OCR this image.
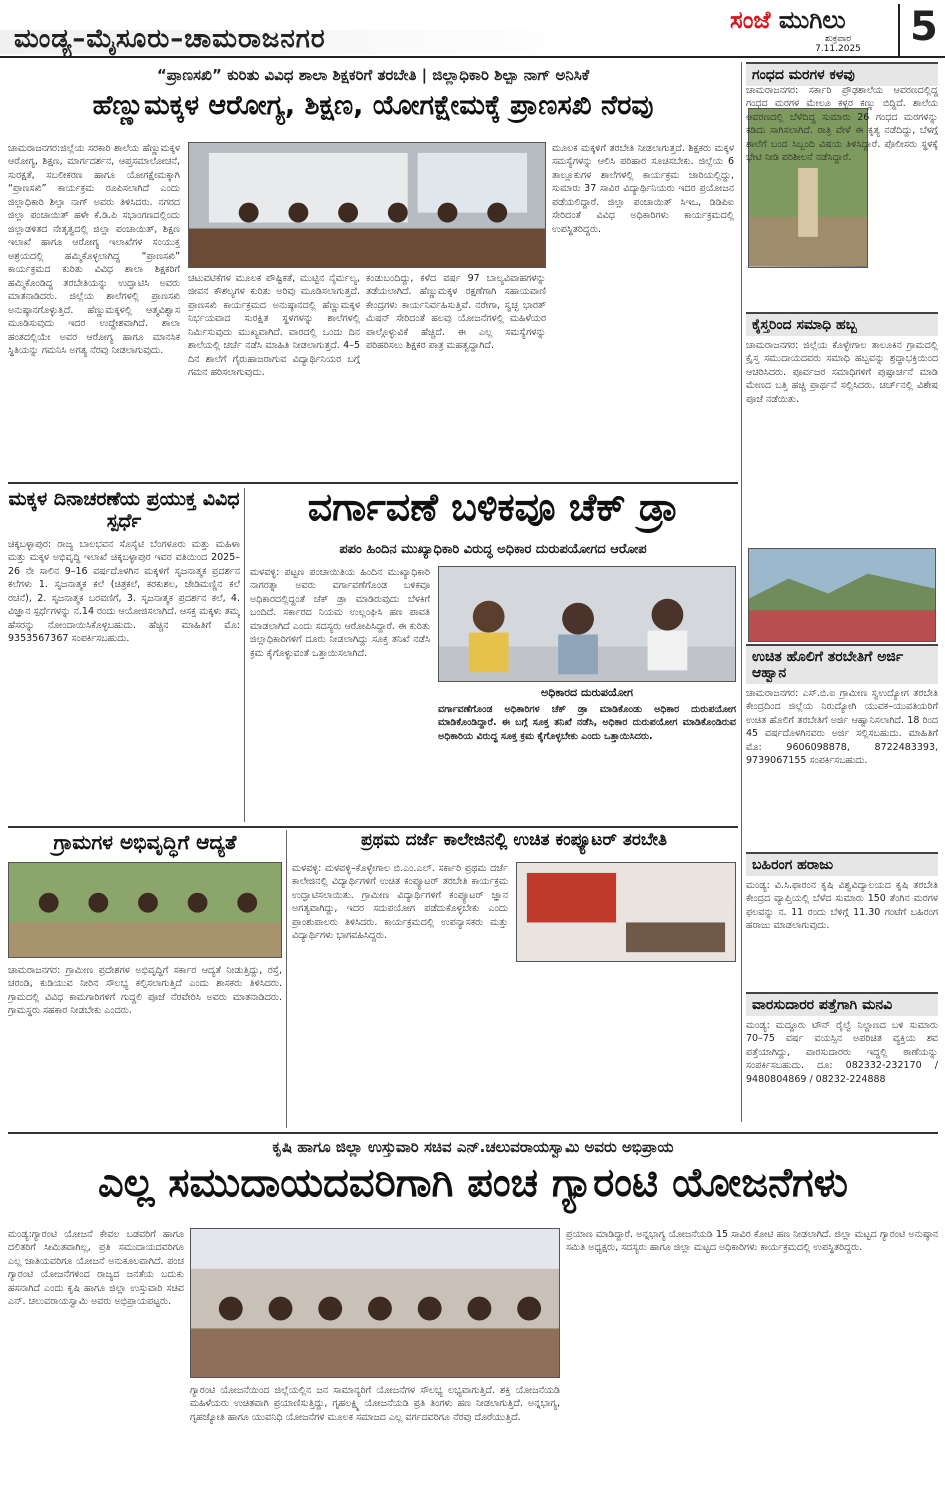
ಮಂಡ್ಯ–ಮೈಸೂರು–ಚಾಮರಾಜನಗರ
ಸಂಜೆ ಮುಗಿಲು
ಶುಕ್ರವಾರ
7.11.2025	5
“ಪ್ರಾಣಸಖಿ” ಕುರಿತು ವಿವಿಧ ಶಾಲಾ ಶಿಕ್ಷಕರಿಗೆ ತರಬೇತಿ | ಜಿಲ್ಲಾಧಿಕಾರಿ ಶಿಲ್ಪಾ ನಾಗ್ ಅನಿಸಿಕೆ
ಹೆಣ್ಣುಮಕ್ಕಳ ಆರೋಗ್ಯ, ಶಿಕ್ಷಣ, ಯೋಗಕ್ಷೇಮಕ್ಕೆ ಪ್ರಾಣಸಖಿ ನೆರವು
ಚಾಮರಾಜನಗರ:ಜಿಲ್ಲೆಯ ಸರಕಾರಿ ಶಾಲೆಯ ಹೆಣ್ಣುಮಕ್ಕಳ ಆರೋಗ್ಯ, ಶಿಕ್ಷಣ, ಮಾರ್ಗದರ್ಶನ, ಆಪ್ತಸಮಾಲೋಚನೆ, ಸುರಕ್ಷತೆ, ಸಬಲೀಕರಣ ಹಾಗೂ ಯೋಗಕ್ಷೇಮಕ್ಕಾಗಿ “ಪ್ರಾಣಸಖಿ” ಕಾರ್ಯಕ್ರಮ ರೂಪಿಸಲಾಗಿದೆ ಎಂದು ಜಿಲ್ಲಾಧಿಕಾರಿ ಶಿಲ್ಪಾ ನಾಗ್ ಅವರು ತಿಳಿಸಿದರು. ನಗರದ ಜಿಲ್ಲಾ ಪಂಚಾಯಿತ್ ಹಳೇ ಕೆ.ಡಿ.ಪಿ ಸಭಾಂಗಣದಲ್ಲಿಂದು ಜಿಲ್ಲಾಡಳಿತದ ನೇತೃತ್ವದಲ್ಲಿ ಜಿಲ್ಲಾ ಪಂಚಾಯಿತ್, ಶಿಕ್ಷಣ ಇಲಾಖೆ ಹಾಗೂ ಆರೋಗ್ಯ ಇಲಾಖೆಗಳ ಸಂಯುಕ್ತ ಆಶ್ರಯದಲ್ಲಿ ಹಮ್ಮಿಕೊಳ್ಳಲಾಗಿದ್ದ “ಪ್ರಾಣಸಖಿ” ಕಾರ್ಯಕ್ರಮದ ಕುರಿತು ವಿವಿಧ ಶಾಲಾ ಶಿಕ್ಷಕರಿಗೆ ಹಮ್ಮಿಕೊಂಡಿದ್ದ ತರಬೇತಿಯನ್ನು ಉದ್ಘಾಟಿಸಿ ಅವರು ಮಾತನಾಡಿದರು. ಜಿಲ್ಲೆಯ ಶಾಲೆಗಳಲ್ಲಿ ಪ್ರಾಣಸಖಿ ಅನುಷ್ಠಾನಗೊಳ್ಳುತ್ತಿದೆ. ಹೆಣ್ಣುಮಕ್ಕಳಲ್ಲಿ ಆತ್ಮವಿಶ್ವಾಸ ಮೂಡಿಸುವುದು ಇದರ ಉದ್ದೇಶವಾಗಿದೆ. ಶಾಲಾ ಹಂತದಲ್ಲಿಯೇ ಅವರ ಆರೋಗ್ಯ ಹಾಗೂ ಮಾನಸಿಕ ಸ್ಥಿತಿಯನ್ನು ಗಮನಿಸಿ ಅಗತ್ಯ ನೆರವು ನೀಡಲಾಗುವುದು.
ಚಟುವಟಿಕೆಗಳ ಮೂಲಕ ಪೌಷ್ಟಿಕತೆ, ಮುಟ್ಟಿನ ನೈರ್ಮಲ್ಯ, ಜೀವನ ಕೌಶಲ್ಯಗಳ ಕುರಿತು ಅರಿವು ಮೂಡಿಸಲಾಗುತ್ತದೆ. ಪ್ರಾಣಸಖಿ ಕಾರ್ಯಕ್ರಮದ ಅನುಷ್ಠಾನದಲ್ಲಿ ಹೆಣ್ಣುಮಕ್ಕಳ ನಿರ್ಭಯವಾದ ಸುರಕ್ಷಿತ ಸ್ಥಳಗಳನ್ನು ಶಾಲೆಗಳಲ್ಲಿ ನಿರ್ಮಿಸುವುದು ಮುಖ್ಯವಾಗಿದೆ. ವಾರದಲ್ಲಿ ಒಂದು ದಿನ ಶಾಲೆಯಲ್ಲಿ ಚರ್ಚೆ ನಡೆಸಿ ಮಾಹಿತಿ ನೀಡಲಾಗುತ್ತದೆ. 4–5 ದಿನ ಶಾಲೆಗೆ ಗೈರುಹಾಜರಾಗುವ ವಿದ್ಯಾರ್ಥಿನಿಯರ ಬಗ್ಗೆ ಗಮನ ಹರಿಸಲಾಗುವುದು.
ಕಂಡುಬಂದಿದ್ದು, ಕಳೆದ ವರ್ಷ 97 ಬಾಲ್ಯವಿವಾಹಗಳನ್ನು ತಡೆಯಲಾಗಿದೆ. ಹೆಣ್ಣುಮಕ್ಕಳ ರಕ್ಷಣೆಗಾಗಿ ಸಹಾಯವಾಣಿ ಕೇಂದ್ರಗಳು ಕಾರ್ಯನಿರ್ವಹಿಸುತ್ತಿವೆ. ನರೇಗಾ, ಸ್ವಚ್ಛ ಭಾರತ್ ಮಿಷನ್ ಸೇರಿದಂತೆ ಹಲವು ಯೋಜನೆಗಳಲ್ಲಿ ಮಹಿಳೆಯರ ಪಾಲ್ಗೊಳ್ಳುವಿಕೆ ಹೆಚ್ಚಿದೆ. ಈ ಎಲ್ಲ ಸಮಸ್ಯೆಗಳನ್ನು ಪರಿಹರಿಸಲು ಶಿಕ್ಷಕರ ಪಾತ್ರ ಮಹತ್ವದ್ದಾಗಿದೆ.
ಮೂಲಕ ಮಕ್ಕಳಿಗೆ ತರಬೇತಿ ನೀಡಲಾಗುತ್ತದೆ. ಶಿಕ್ಷಕರು ಮಕ್ಕಳ ಸಮಸ್ಯೆಗಳನ್ನು ಆಲಿಸಿ ಪರಿಹಾರ ಸೂಚಿಸಬೇಕು. ಜಿಲ್ಲೆಯ 6 ತಾಲ್ಲೂಕುಗಳ ಶಾಲೆಗಳಲ್ಲಿ ಕಾರ್ಯಕ್ರಮ ಜಾರಿಯಲ್ಲಿದ್ದು, ಸುಮಾರು 37 ಸಾವಿರ ವಿದ್ಯಾರ್ಥಿನಿಯರು ಇದರ ಪ್ರಯೋಜನ ಪಡೆಯಲಿದ್ದಾರೆ. ಜಿಲ್ಲಾ ಪಂಚಾಯಿತ್ ಸಿಇಒ, ಡಿಡಿಪಿಐ ಸೇರಿದಂತೆ ವಿವಿಧ ಅಧಿಕಾರಿಗಳು ಕಾರ್ಯಕ್ರಮದಲ್ಲಿ ಉಪಸ್ಥಿತರಿದ್ದರು.
ಗಂಧದ ಮರಗಳ ಕಳವು
ಚಾಮರಾಜನಗರ: ಸರ್ಕಾರಿ ಪ್ರೌಢಶಾಲೆಯ ಆವರಣದಲ್ಲಿದ್ದ ಗಂಧದ ಮರಗಳ ಮೇಲೂ ಕಳ್ಳರ ಕಣ್ಣು ಬಿದ್ದಿದೆ. ಶಾಲೆಯ ಆವರಣದಲ್ಲಿ ಬೆಳೆದಿದ್ದ ಸುಮಾರು 26 ಗಂಧದ ಮರಗಳನ್ನು ಕಡಿದು ಸಾಗಿಸಲಾಗಿದೆ. ರಾತ್ರಿ ವೇಳೆ ಈ ಕೃತ್ಯ ನಡೆದಿದ್ದು, ಬೆಳಗ್ಗೆ ಶಾಲೆಗೆ ಬಂದ ಸಿಬ್ಬಂದಿ ವಿಷಯ ತಿಳಿಸಿದ್ದಾರೆ. ಪೊಲೀಸರು ಸ್ಥಳಕ್ಕೆ ಭೇಟಿ ನೀಡಿ ಪರಿಶೀಲನೆ ನಡೆಸಿದ್ದಾರೆ.
ಕೈಸ್ತರಿಂದ ಸಮಾಧಿ ಹಬ್ಬ
ಚಾಮರಾಜನಗರ: ಜಿಲ್ಲೆಯ ಕೊಳ್ಳೇಗಾಲ ತಾಲೂಕಿನ ಗ್ರಾಮದಲ್ಲಿ ಕ್ರೈಸ್ತ ಸಮುದಾಯದವರು ಸಮಾಧಿ ಹಬ್ಬವನ್ನು ಶ್ರದ್ಧಾಭಕ್ತಿಯಿಂದ ಆಚರಿಸಿದರು. ಪೂರ್ವಜರ ಸಮಾಧಿಗಳಿಗೆ ಪುಷ್ಪಾರ್ಚನೆ ಮಾಡಿ ಮೇಣದ ಬತ್ತಿ ಹಚ್ಚಿ ಪ್ರಾರ್ಥನೆ ಸಲ್ಲಿಸಿದರು. ಚರ್ಚ್‌ನಲ್ಲಿ ವಿಶೇಷ ಪೂಜೆ ನಡೆಯಿತು.
ಉಚಿತ ಹೊಲಿಗೆ ತರಬೇತಿಗೆ ಅರ್ಜಿ ಆಹ್ವಾನ
ಚಾಮರಾಜನಗರ: ಎಸ್.ಬಿ.ಐ ಗ್ರಾಮೀಣ ಸ್ವಉದ್ಯೋಗ ತರಬೇತಿ ಕೇಂದ್ರದಿಂದ ಜಿಲ್ಲೆಯ ನಿರುದ್ಯೋಗಿ ಯುವಕ–ಯುವತಿಯರಿಗೆ ಉಚಿತ ಹೊಲಿಗೆ ತರಬೇತಿಗೆ ಅರ್ಜಿ ಆಹ್ವಾನಿಸಲಾಗಿದೆ. 18 ರಿಂದ 45 ವರ್ಷದೊಳಗಿನವರು ಅರ್ಜಿ ಸಲ್ಲಿಸಬಹುದು. ಮಾಹಿತಿಗೆ ಮೊ: 9606098878, 8722483393, 9739067155 ಸಂಪರ್ಕಿಸಬಹುದು.
ಬಹಿರಂಗ ಹರಾಜು
ಮಂಡ್ಯ: ವಿ.ಸಿ.ಫಾರಂನ ಕೃಷಿ ವಿಶ್ವವಿದ್ಯಾಲಯದ ಕೃಷಿ ತರಬೇತಿ ಕೇಂದ್ರದ ವ್ಯಾಪ್ತಿಯಲ್ಲಿ ಬೆಳೆದ ಸುಮಾರು 150 ತೆಂಗಿನ ಮರಗಳ ಫಲವನ್ನು ನ. 11 ರಂದು ಬೆಳಿಗ್ಗೆ 11.30 ಗಂಟೆಗೆ ಬಹಿರಂಗ ಹರಾಜು ಮಾಡಲಾಗುವುದು.
ವಾರಸುದಾರರ ಪತ್ತೆಗಾಗಿ ಮನವಿ
ಮಂಡ್ಯ: ಮದ್ದೂರು ಟೌನ್ ರೈಲ್ವೆ ನಿಲ್ದಾಣದ ಬಳಿ ಸುಮಾರು 70–75 ವರ್ಷ ವಯಸ್ಸಿನ ಅಪರಿಚಿತ ವ್ಯಕ್ತಿಯ ಶವ ಪತ್ತೆಯಾಗಿದ್ದು, ವಾರಸುದಾರರು ಇದ್ದಲ್ಲಿ ಠಾಣೆಯನ್ನು ಸಂಪರ್ಕಿಸಬಹುದು. ದೂ: 082332-232170 / 9480804869 / 08232-224888
ಮಕ್ಕಳ ದಿನಾಚರಣೆಯ ಪ್ರಯುಕ್ತ ವಿವಿಧ ಸ್ಪರ್ಧೆ
ಚಿಕ್ಕಬಳ್ಳಾಪುರ: ರಾಜ್ಯ ಬಾಲಭವನ ಸೊಸೈಟಿ ಬೆಂಗಳೂರು ಮತ್ತು ಮಹಿಳಾ ಮತ್ತು ಮಕ್ಕಳ ಅಭಿವೃದ್ಧಿ ಇಲಾಖೆ ಚಿಕ್ಕಬಳ್ಳಾಪುರ ಇವರ ವತಿಯಿಂದ 2025–26 ನೇ ಸಾಲಿನ 9–16 ವರ್ಷದೊಳಗಿನ ಮಕ್ಕಳಿಗೆ ಸೃಜನಾತ್ಮಕ ಪ್ರದರ್ಶನ ಕಲೆಗಳು 1. ಸೃಜನಾತ್ಮಕ ಕಲೆ (ಚಿತ್ರಕಲೆ, ಕರಕುಶಲ, ಜೇಡಿಮಣ್ಣಿನ ಕಲೆ ರಚನೆ), 2. ಸೃಜನಾತ್ಮಕ ಬರವಣಿಗೆ, 3. ಸೃಜನಾತ್ಮಕ ಪ್ರದರ್ಶನ ಕಲೆ, 4. ವಿಜ್ಞಾನ ಸ್ಪರ್ಧೆಗಳನ್ನು ನ.14 ರಂದು ಆಯೋಜಿಸಲಾಗಿದೆ. ಆಸಕ್ತ ಮಕ್ಕಳು ತಮ್ಮ ಹೆಸರನ್ನು ನೋಂದಾಯಿಸಿಕೊಳ್ಳಬಹುದು. ಹೆಚ್ಚಿನ ಮಾಹಿತಿಗೆ ಮೊ: 9353567367 ಸಂಪರ್ಕಿಸಬಹುದು.
ವರ್ಗಾವಣೆ ಬಳಿಕವೂ ಚೆಕ್ ಡ್ರಾ
ಪಪಂ ಹಿಂದಿನ ಮುಖ್ಯಾಧಿಕಾರಿ ವಿರುದ್ಧ ಅಧಿಕಾರ ದುರುಪಯೋಗದ ಆರೋಪ
ಮಳವಳ್ಳಿ: ಪಟ್ಟಣ ಪಂಚಾಯಿತಿಯ ಹಿಂದಿನ ಮುಖ್ಯಾಧಿಕಾರಿ ನಾಗರತ್ನಾ ಅವರು ವರ್ಗಾವಣೆಗೊಂಡ ಬಳಿಕವೂ ಅಧಿಕಾರದಲ್ಲಿದ್ದಂತೆ ಚೆಕ್ ಡ್ರಾ ಮಾಡಿರುವುದು ಬೆಳಕಿಗೆ ಬಂದಿದೆ. ಸರ್ಕಾರದ ನಿಯಮ ಉಲ್ಲಂಘಿಸಿ ಹಣ ಪಾವತಿ ಮಾಡಲಾಗಿದೆ ಎಂದು ಸದಸ್ಯರು ಆರೋಪಿಸಿದ್ದಾರೆ. ಈ ಕುರಿತು ಜಿಲ್ಲಾಧಿಕಾರಿಗಳಿಗೆ ದೂರು ನೀಡಲಾಗಿದ್ದು ಸೂಕ್ತ ತನಿಖೆ ನಡೆಸಿ ಕ್ರಮ ಕೈಗೊಳ್ಳುವಂತೆ ಒತ್ತಾಯಿಸಲಾಗಿದೆ.
ಅಧಿಕಾರದ ದುರುಪಯೋಗ
ವರ್ಗಾವಣೆಗೊಂಡ ಅಧಿಕಾರಿಗಳ ಚೆಕ್ ಡ್ರಾ ಮಾಡಿಕೊಂಡು ಅಧಿಕಾರ ದುರುಪಯೋಗ ಮಾಡಿಕೊಂಡಿದ್ದಾರೆ. ಈ ಬಗ್ಗೆ ಸೂಕ್ತ ತನಿಖೆ ನಡೆಸಿ, ಅಧಿಕಾರ ದುರುಪಯೋಗ ಮಾಡಿಕೊಂಡಿರುವ ಅಧಿಕಾರಿಯ ವಿರುದ್ಧ ಸೂಕ್ತ ಕ್ರಮ ಕೈಗೊಳ್ಳಬೇಕು ಎಂದು ಒತ್ತಾಯಿಸಿದರು.
ಗ್ರಾಮಗಳ ಅಭಿವೃದ್ಧಿಗೆ ಆದ್ಯತೆ
ಚಾಮರಾಜನಗರ: ಗ್ರಾಮೀಣ ಪ್ರದೇಶಗಳ ಅಭಿವೃದ್ಧಿಗೆ ಸರ್ಕಾರ ಆದ್ಯತೆ ನೀಡುತ್ತಿದ್ದು, ರಸ್ತೆ, ಚರಂಡಿ, ಕುಡಿಯುವ ನೀರಿನ ಸೌಲಭ್ಯ ಕಲ್ಪಿಸಲಾಗುತ್ತಿದೆ ಎಂದು ಶಾಸಕರು ತಿಳಿಸಿದರು. ಗ್ರಾಮದಲ್ಲಿ ವಿವಿಧ ಕಾಮಗಾರಿಗಳಿಗೆ ಗುದ್ದಲಿ ಪೂಜೆ ನೆರವೇರಿಸಿ ಅವರು ಮಾತನಾಡಿದರು. ಗ್ರಾಮಸ್ಥರು ಸಹಕಾರ ನೀಡಬೇಕು ಎಂದರು.
ಪ್ರಥಮ ದರ್ಜೆ ಕಾಲೇಜಿನಲ್ಲಿ ಉಚಿತ ಕಂಪ್ಯೂಟರ್ ತರಬೇತಿ
ಮಳವಳ್ಳಿ: ಮಳವಳ್ಳಿ–ಕೊಳ್ಳೇಗಾಲ ಬಿ.ಎಂ.ಎಲ್. ಸರ್ಕಾರಿ ಪ್ರಥಮ ದರ್ಜೆ ಕಾಲೇಜಿನಲ್ಲಿ ವಿದ್ಯಾರ್ಥಿಗಳಿಗೆ ಉಚಿತ ಕಂಪ್ಯೂಟರ್ ತರಬೇತಿ ಕಾರ್ಯಕ್ರಮ ಉದ್ಘಾಟಿಸಲಾಯಿತು. ಗ್ರಾಮೀಣ ವಿದ್ಯಾರ್ಥಿಗಳಿಗೆ ಕಂಪ್ಯೂಟರ್ ಜ್ಞಾನ ಅಗತ್ಯವಾಗಿದ್ದು, ಇದರ ಸದುಪಯೋಗ ಪಡೆದುಕೊಳ್ಳಬೇಕು ಎಂದು ಪ್ರಾಂಶುಪಾಲರು ತಿಳಿಸಿದರು. ಕಾರ್ಯಕ್ರಮದಲ್ಲಿ ಉಪನ್ಯಾಸಕರು ಮತ್ತು ವಿದ್ಯಾರ್ಥಿಗಳು ಭಾಗವಹಿಸಿದ್ದರು.
ಕೃಷಿ ಹಾಗೂ ಜಿಲ್ಲಾ ಉಸ್ತುವಾರಿ ಸಚಿವ ಎನ್.ಚಲುವರಾಯಸ್ವಾಮಿ ಅವರು ಅಭಿಪ್ರಾಯ
ಎಲ್ಲ ಸಮುದಾಯದವರಿಗಾಗಿ ಪಂಚ ಗ್ಯಾರಂಟಿ ಯೋಜನೆಗಳು
ಮಂಡ್ಯ:ಗ್ಯಾರಂಟಿ ಯೋಜನೆ ಕೇವಲ ಬಡವರಿಗೆ ಹಾಗೂ ದಲಿತರಿಗೆ ಸೀಮಿತವಾಗಿಲ್ಲ, ಪ್ರತಿ ಸಮುದಾಯದವರಿಗೂ ಎಲ್ಲ ಜಾತಿಯವರಿಗೂ ಯೋಜನೆ ಅನುಕೂಲವಾಗಿದೆ. ಪಂಚ ಗ್ಯಾರಂಟಿ ಯೋಜನೆಗಳಿಂದ ರಾಜ್ಯದ ಜನತೆಯ ಬದುಕು ಹಸನಾಗಿದೆ ಎಂದು ಕೃಷಿ ಹಾಗೂ ಜಿಲ್ಲಾ ಉಸ್ತುವಾರಿ ಸಚಿವ ಎನ್. ಚಲುವರಾಯಸ್ವಾಮಿ ಅವರು ಅಭಿಪ್ರಾಯಪಟ್ಟರು.
ಗ್ಯಾರಂಟಿ ಯೋಜನೆಯಿಂದ ಜಿಲ್ಲೆಯಲ್ಲಿನ ಜನ ಸಾಮಾನ್ಯರಿಗೆ ಯೋಜನೆಗಳ ಸೌಲಭ್ಯ ಲಭ್ಯವಾಗುತ್ತಿದೆ. ಶಕ್ತಿ ಯೋಜನೆಯಡಿ ಮಹಿಳೆಯರು ಉಚಿತವಾಗಿ ಪ್ರಯಾಣಿಸುತ್ತಿದ್ದು, ಗೃಹಲಕ್ಷ್ಮಿ ಯೋಜನೆಯಡಿ ಪ್ರತಿ ತಿಂಗಳು ಹಣ ನೀಡಲಾಗುತ್ತಿದೆ. ಅನ್ನಭಾಗ್ಯ, ಗೃಹಜ್ಯೋತಿ ಹಾಗೂ ಯುವನಿಧಿ ಯೋಜನೆಗಳ ಮೂಲಕ ಸಮಾಜದ ಎಲ್ಲ ವರ್ಗದವರಿಗೂ ನೆರವು ದೊರೆಯುತ್ತಿದೆ.
ಪ್ರಯಾಣ ಮಾಡಿದ್ದಾರೆ. ಅನ್ನಭಾಗ್ಯ ಯೋಜನೆಯಡಿ 15 ಸಾವಿರ ಕೋಟಿ ಹಣ ನೀಡಲಾಗಿದೆ. ಜಿಲ್ಲಾ ಮಟ್ಟದ ಗ್ಯಾರಂಟಿ ಅನುಷ್ಠಾನ ಸಮಿತಿ ಅಧ್ಯಕ್ಷರು, ಸದಸ್ಯರು ಹಾಗೂ ಜಿಲ್ಲಾ ಮಟ್ಟದ ಅಧಿಕಾರಿಗಳು ಕಾರ್ಯಕ್ರಮದಲ್ಲಿ ಉಪಸ್ಥಿತರಿದ್ದರು.
